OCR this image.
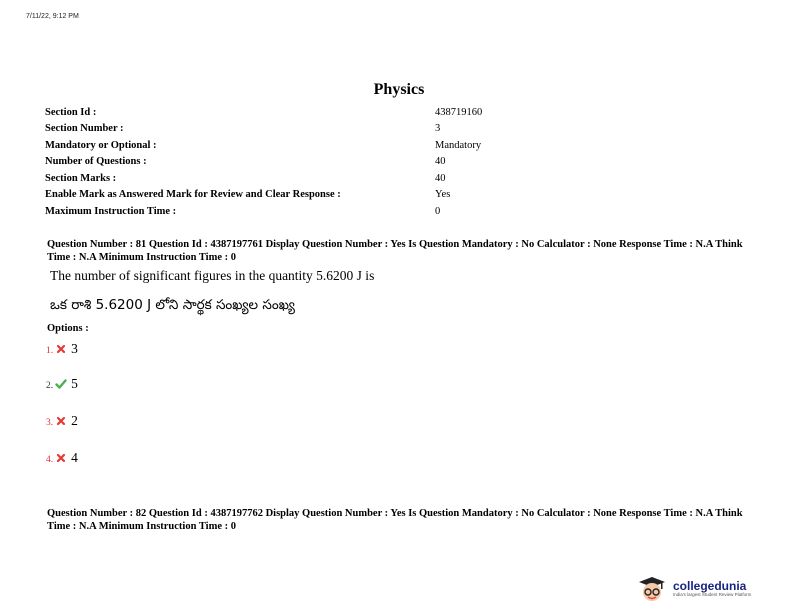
7/11/22, 9:12 PM
Physics
Section Id :	438719160
Section Number :	3
Mandatory or Optional :	Mandatory
Number of Questions :	40
Section Marks :	40
Enable Mark as Answered Mark for Review and Clear Response :	Yes
Maximum Instruction Time :	0
Question Number : 81 Question Id : 4387197761 Display Question Number : Yes Is Question Mandatory : No Calculator : None Response Time : N.A Think Time : N.A Minimum Instruction Time : 0
The number of significant figures in the quantity 5.6200 J is
ఒక రాశి 5.6200 J లోని సార్థక సంఖ్యల సంఖ్య
Options :
1. 3
2. 5
3. 2
4. 4
Question Number : 82 Question Id : 4387197762 Display Question Number : Yes Is Question Mandatory : No Calculator : None Response Time : N.A Think Time : N.A Minimum Instruction Time : 0
collegedunia
India's largest Student Review Platform
